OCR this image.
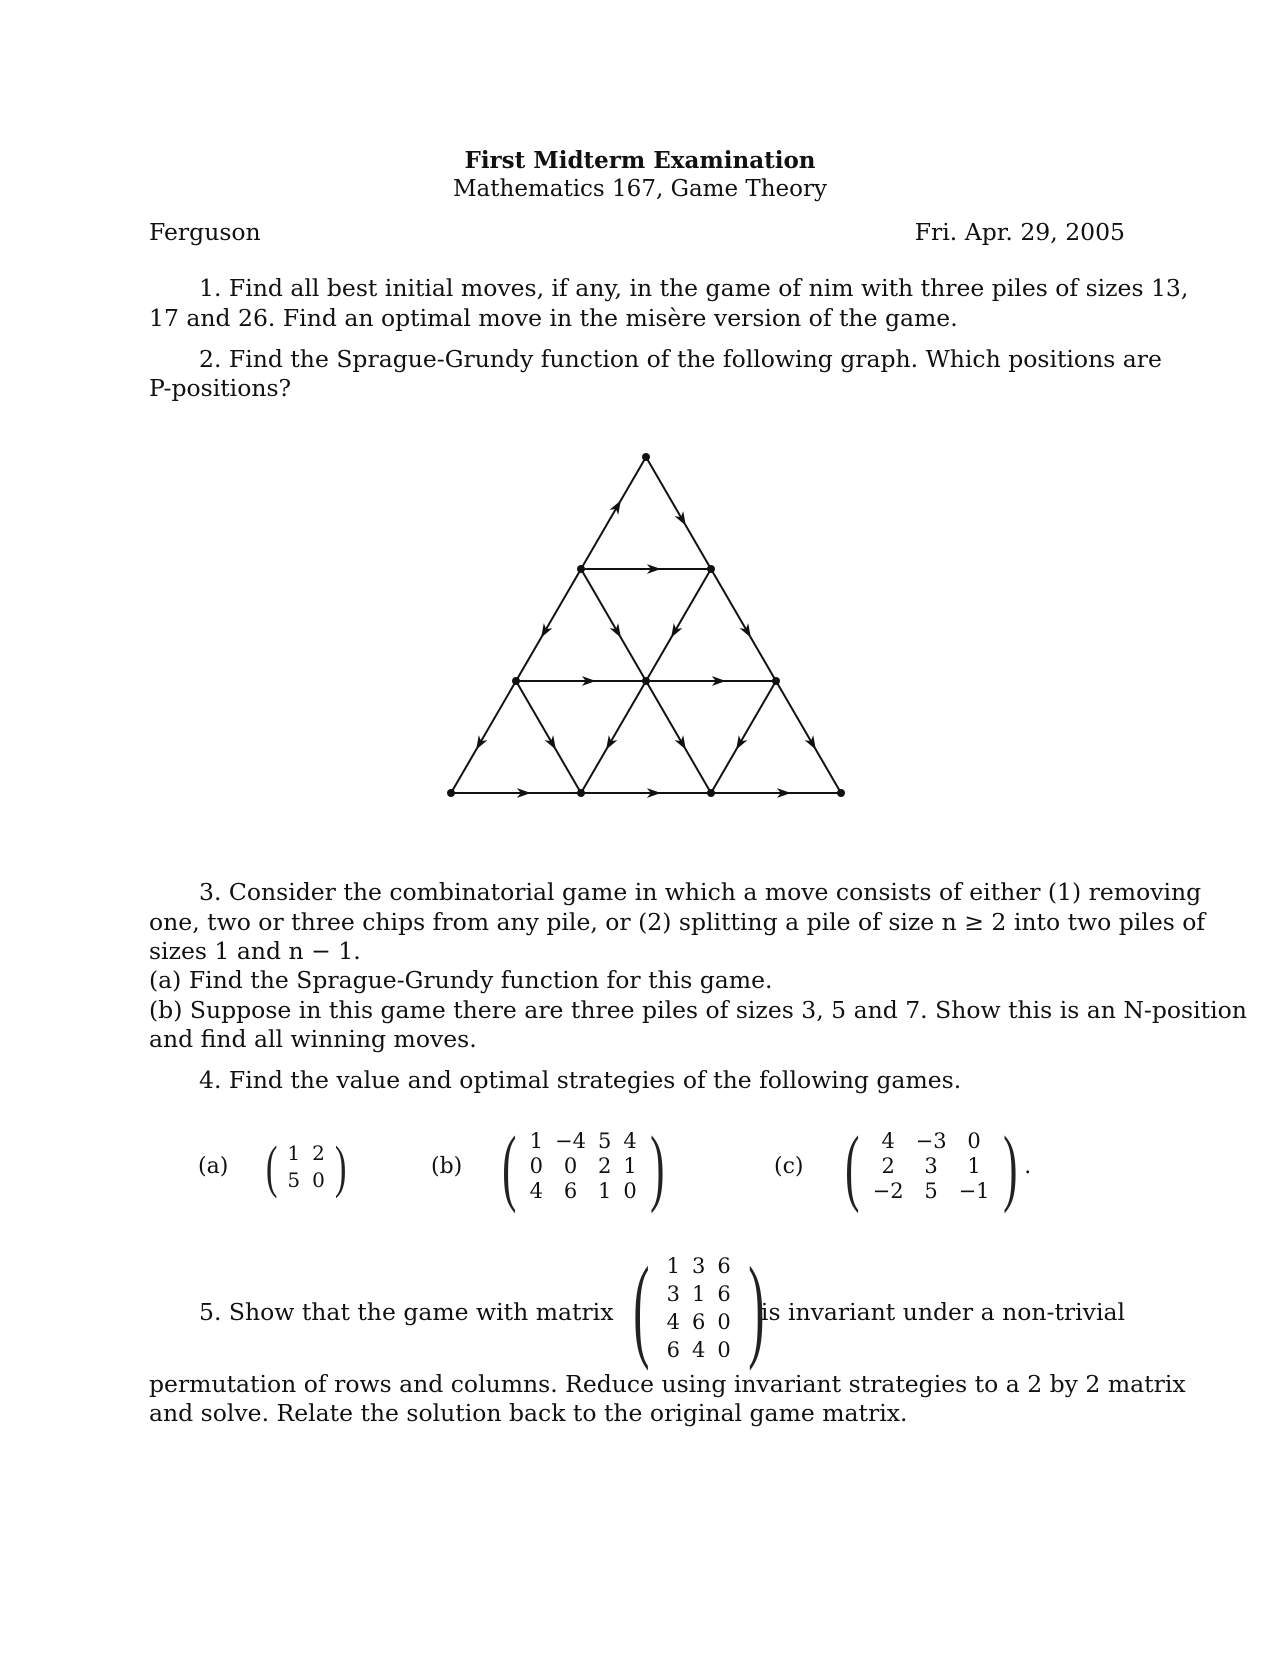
First Midterm Examination
Mathematics 167, Game Theory
Ferguson	Fri. Apr. 29, 2005
1. Find all best initial moves, if any, in the game of nim with three piles of sizes 13,
17 and 26. Find an optimal move in the misère version of the game.
2. Find the Sprague-Grundy function of the following graph. Which positions are
P-positions?
3. Consider the combinatorial game in which a move consists of either (1) removing
one, two or three chips from any pile, or (2) splitting a pile of size n ≥ 2 into two piles of
sizes 1 and n − 1.
(a) Find the Sprague-Grundy function for this game.
(b) Suppose in this game there are three piles of sizes 3, 5 and 7. Show this is an N-position
and find all winning moves.
4. Find the value and optimal strategies of the following games.
(a) ( 1	2
5	0 )	(b) ( 1	−4	5	4
0	0	2	1
4	6	1	0 )	(c) ( 4	−3	0
2	3	1
−2	5	−1 ) .
5. Show that the game with matrix ( 1	3	6
3	1	6
4	6	0
6	4	0 )
is invariant under a non-trivial
permutation of rows and columns. Reduce using invariant strategies to a 2 by 2 matrix
and solve. Relate the solution back to the original game matrix.
